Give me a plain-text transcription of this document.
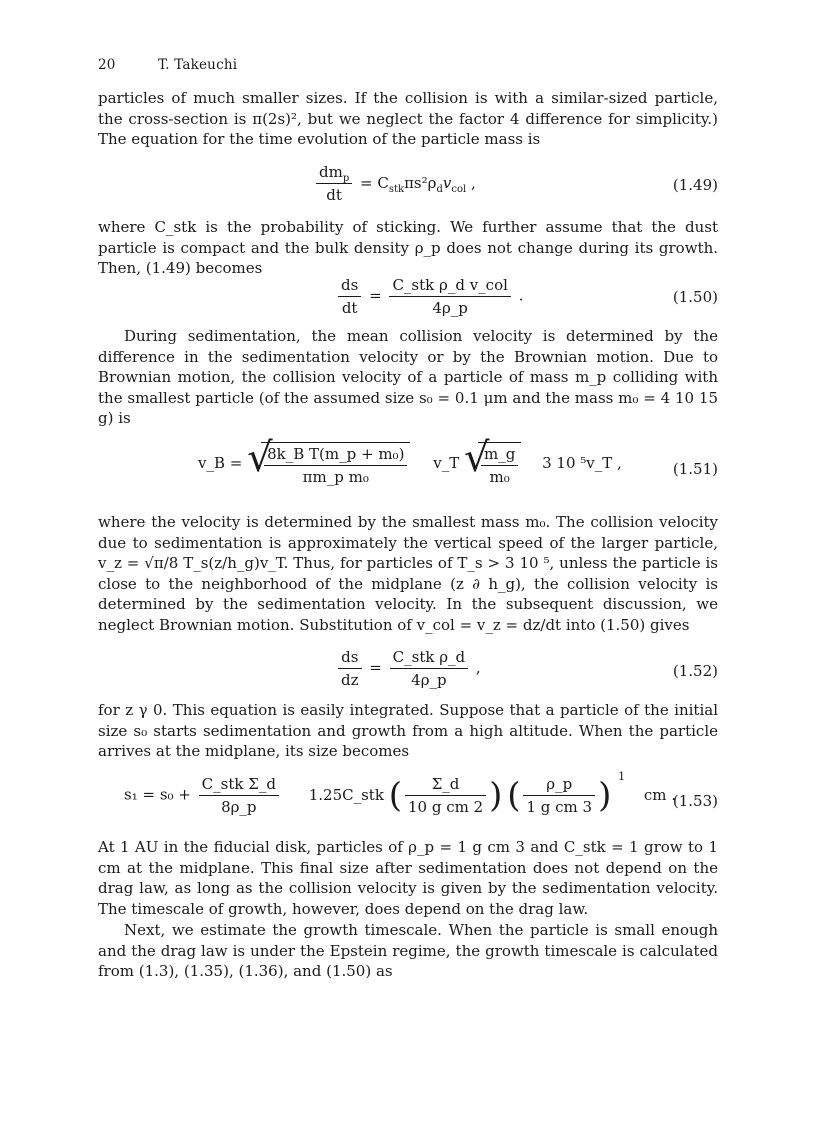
20	T. Takeuchi

particles of much smaller sizes. If the collision is with a similar-sized particle, the cross-section is π(2s)², but we neglect the factor 4 difference for simplicity.) The equation for the time evolution of the particle mass is

$\frac{dm_p}{dt} = C_{stk}\pi s^2\rho_dv_{col}$ ,	(1.49)

where C_stk is the probability of sticking. We further assume that the dust particle is compact and the bulk density ρ_p does not change during its growth. Then, (1.49) becomes

$\frac{ds}{dt} = \frac{\text{C\_stk ρ\_d v\_col}}{4\rho\_p}$ .	(1.50)

During sedimentation, the mean collision velocity is determined by the difference in the sedimentation velocity or by the Brownian motion. Due to Brownian motion, the collision velocity of a particle of mass m_p colliding with the smallest particle (of the assumed size s₀ = 0.1 μm and the mass m₀ = 4 10 15 g) is

v_B = √
$\frac{\text{8k\_B T(m\_p + m₀)}}{\text{πm\_p m₀}}$ v_T √
$\frac{m\_g}{\text{m₀}} 3$ 10 ⁵v_T ,	(1.51)

where the velocity is determined by the smallest mass m₀. The collision velocity due to sedimentation is approximately the vertical speed of the larger particle, v_z = √π/8 T_s(z/h_g)v_T. Thus, for particles of T_s > 3 10 ⁵, unless the particle is close to the neighborhood of the midplane (z ∂ h_g), the collision velocity is determined by the sedimentation velocity. In the subsequent discussion, we neglect Brownian motion. Substitution of v_col = v_z = dz/dt into (1.50) gives

$\frac{ds}{dz} = \frac{\text{C\_stk ρ\_d}}{4\rho\_p}$ ,	(1.52)

for z γ 0. This equation is easily integrated. Suppose that a particle of the initial size s₀ starts sedimentation and growth from a high altitude. When the particle arrives at the midplane, its size becomes

$s_1 = s_0 + \frac{\text{C\_stk Σ\_d}}{8\rho\_p}$ 1.25C_stk ( $\frac{\Sigma\_d}{\text{10 g cm 2}}$ ) ( $\frac{\rho\_p}{\text{1 g cm 3}}$ ) $^1$ cm .
(1.53)

At 1 AU in the fiducial disk, particles of ρ_p = 1 g cm 3 and C_stk = 1 grow to 1 cm at the midplane. This final size after sedimentation does not depend on the drag law, as long as the collision velocity is given by the sedimentation velocity. The timescale of growth, however, does depend on the drag law.

Next, we estimate the growth timescale. When the particle is small enough and the drag law is under the Epstein regime, the growth timescale is calculated from (1.3), (1.35), (1.36), and (1.50) as
